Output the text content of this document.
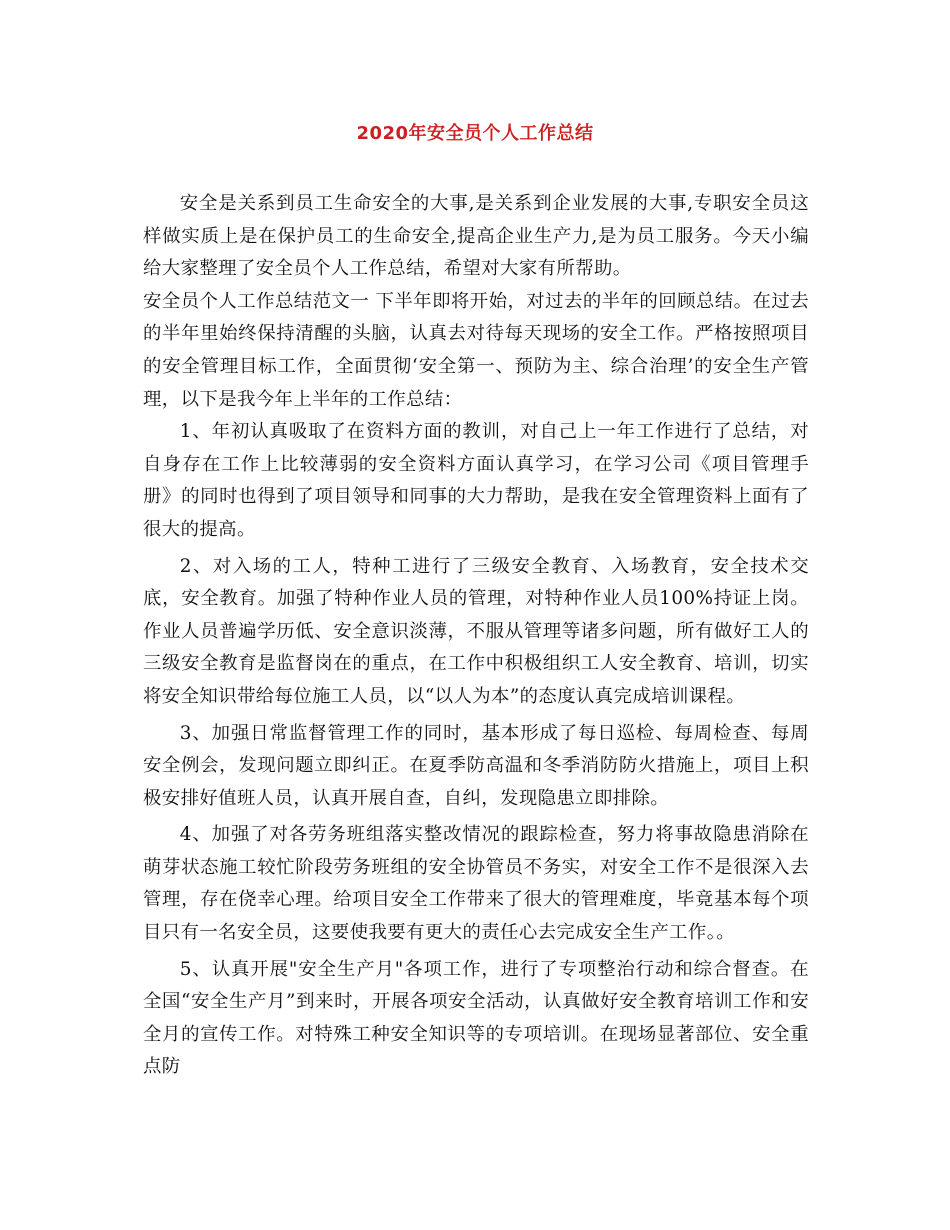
2020年安全员个人工作总结

安全是关系到员工生命安全的大事,是关系到企业发展的大事,专职安全员这样做实质上是在保护员工的生命安全,提高企业生产力,是为员工服务。今天小编给大家整理了安全员个人工作总结，希望对大家有所帮助。

安全员个人工作总结范文一 下半年即将开始，对过去的半年的回顾总结。在过去的半年里始终保持清醒的头脑，认真去对待每天现场的安全工作。严格按照项目的安全管理目标工作，全面贯彻‘安全第一、预防为主、综合治理’的安全生产管理，以下是我今年上半年的工作总结：

1、年初认真吸取了在资料方面的教训，对自己上一年工作进行了总结，对自身存在工作上比较薄弱的安全资料方面认真学习，在学习公司《项目管理手册》的同时也得到了项目领导和同事的大力帮助，是我在安全管理资料上面有了很大的提高。

2、对入场的工人，特种工进行了三级安全教育、入场教育，安全技术交底，安全教育。加强了特种作业人员的管理，对特种作业人员100%持证上岗。作业人员普遍学历低、安全意识淡薄，不服从管理等诸多问题，所有做好工人的三级安全教育是监督岗在的重点，在工作中积极组织工人安全教育、培训，切实将安全知识带给每位施工人员，以“以人为本”的态度认真完成培训课程。

3、加强日常监督管理工作的同时，基本形成了每日巡检、每周检查、每周安全例会，发现问题立即纠正。在夏季防高温和冬季消防防火措施上，项目上积极安排好值班人员，认真开展自查，自纠，发现隐患立即排除。

4、加强了对各劳务班组落实整改情况的跟踪检查，努力将事故隐患消除在萌芽状态施工较忙阶段劳务班组的安全协管员不务实，对安全工作不是很深入去管理，存在侥幸心理。给项目安全工作带来了很大的管理难度，毕竟基本每个项目只有一名安全员，这要使我要有更大的责任心去完成安全生产工作。。

5、认真开展"安全生产月"各项工作，进行了专项整治行动和综合督查。在全国“安全生产月”到来时，开展各项安全活动，认真做好安全教育培训工作和安全月的宣传工作。对特殊工种安全知识等的专项培训。在现场显著部位、安全重点防
